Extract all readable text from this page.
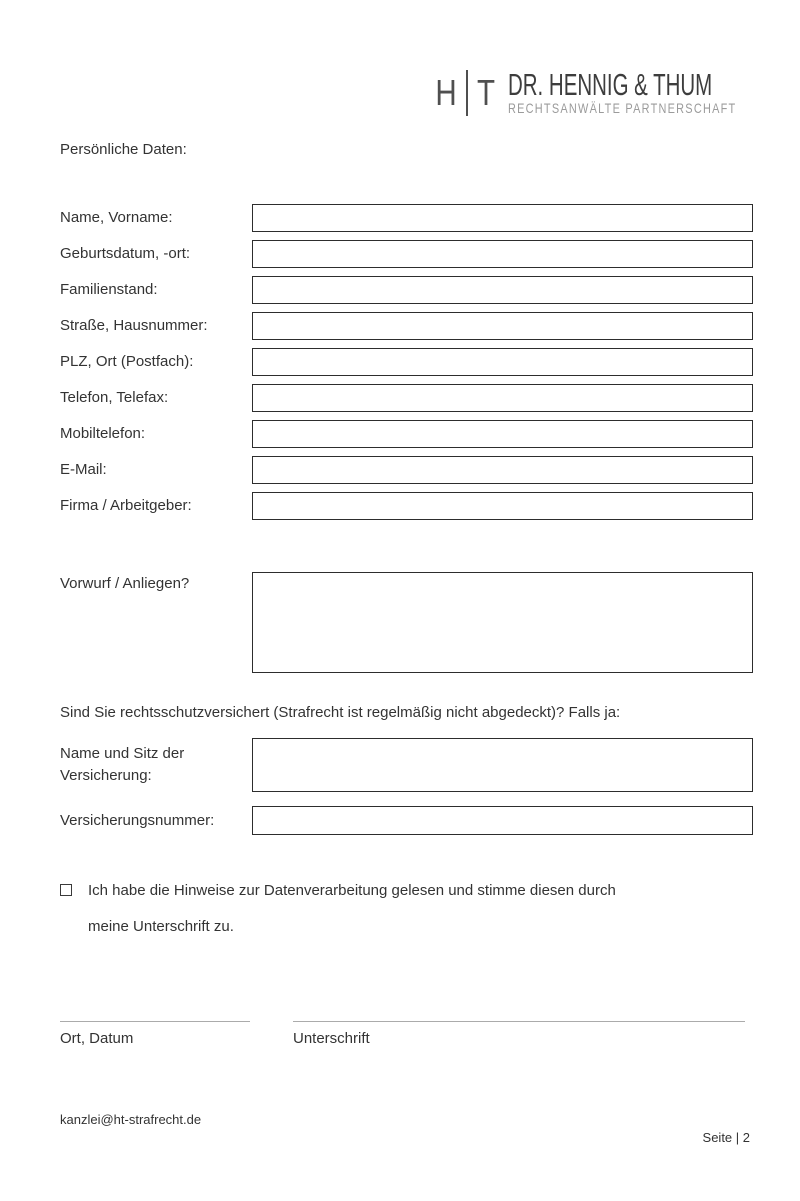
H T DR. HENNIG & THUM
RECHTSANWÄLTE PARTNERSCHAFT
Persönliche Daten:
Name, Vorname:
Geburtsdatum, -ort:
Familienstand:
Straße, Hausnummer:
PLZ, Ort (Postfach):
Telefon, Telefax:
Mobiltelefon:
E-Mail:
Firma / Arbeitgeber:
Vorwurf / Anliegen?
Sind Sie rechtsschutzversichert (Strafrecht ist regelmäßig nicht abgedeckt)? Falls ja:
Name und Sitz der Versicherung:
Versicherungsnummer:
Ich habe die Hinweise zur Datenverarbeitung gelesen und stimme diesen durch
meine Unterschrift zu.
Ort, Datum	Unterschrift
kanzlei@ht-strafrecht.de
Seite | 2
